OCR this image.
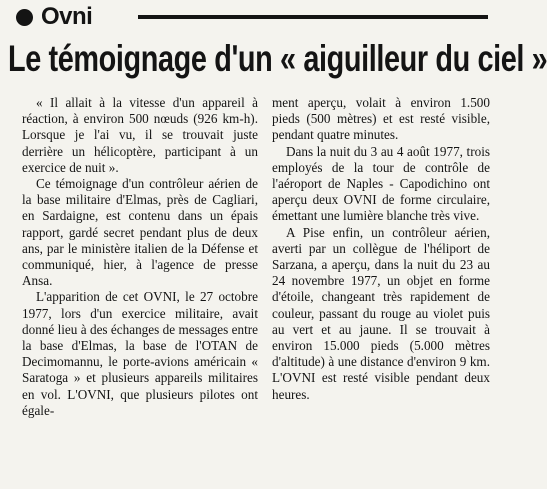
Ovni
Le témoignage d'un « aiguilleur du ciel »

« Il allait à la vitesse d'un appareil à réaction, à environ 500 nœuds (926 km-h). Lorsque je l'ai vu, il se trouvait juste derrière un hélicoptère, participant à un exercice de nuit ».

Ce témoignage d'un contrôleur aérien de la base militaire d'Elmas, près de Cagliari, en Sardaigne, est contenu dans un épais rapport, gardé secret pendant plus de deux ans, par le ministère italien de la Défense et communiqué, hier, à l'agence de presse Ansa.

L'apparition de cet OVNI, le 27 octobre 1977, lors d'un exercice militaire, avait donné lieu à des échanges de messages entre la base d'Elmas, la base de l'OTAN de Decimomannu, le porte-avions américain « Saratoga » et plusieurs appareils militaires en vol. L'OVNI, que plusieurs pilotes ont égale-

ment aperçu, volait à environ 1.500 pieds (500 mètres) et est resté visible, pendant quatre minutes.

Dans la nuit du 3 au 4 août 1977, trois employés de la tour de contrôle de l'aéroport de Naples - Capodichino ont aperçu deux OVNI de forme circulaire, émettant une lumière blanche très vive.

A Pise enfin, un contrôleur aérien, averti par un collègue de l'héliport de Sarzana, a aperçu, dans la nuit du 23 au 24 novembre 1977, un objet en forme d'étoile, changeant très rapidement de couleur, passant du rouge au violet puis au vert et au jaune. Il se trouvait à environ 15.000 pieds (5.000 mètres d'altitude) à une distance d'environ 9 km. L'OVNI est resté visible pendant deux heures.
